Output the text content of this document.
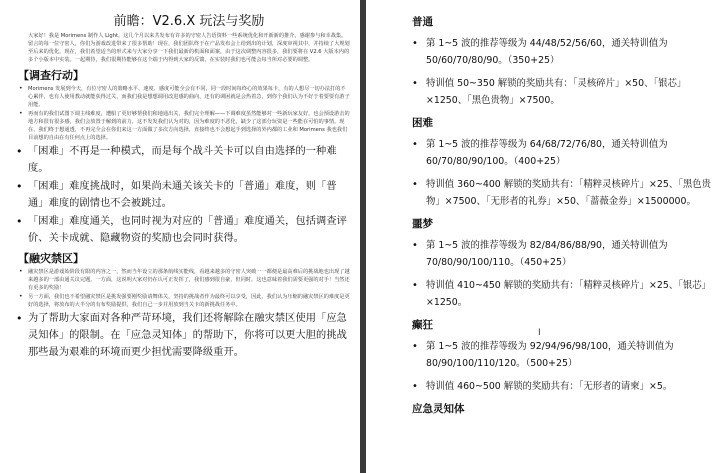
前瞻：V2.6.X 玩法与奖励
大家好！我是 Morimens 制作人 Light。这几个月以来共发布有许多的守密人告语资料一些系统优化和开新新的推介，感谢参与和幸战集。留言的每一位守密人，你们为游戏改进带来了很多帮助！现在，我们团队终于在产品发布会上给到出的计划，深度审视其中，并持续了大规划至后来的优化。现在，我们希望适当的形式来与大家分享一下我们最新的机面和面案，由于这次调整内容很多，我们要将在 V2.6 大版本内的多个小版本中实装。一起期待，我们很期待能够在这个端于内得到大家的反馈，在实装时我们也可能会每当所对必要的调整。
【调查行动】
• Morimens 发展到今天，有位守密人的策略水平、速度、感度可能全会有不同，同一段时间每终心的效果每卡，有的人想尽一切办法打的不心累伴，也有人使用教动就能获得过关，而我们我是想想调用改进感的曲向，还有的调困就是会热着急，到你个我们认为不好于着要要有游子用能。
• 再而有的我们试图下调主线难度，遭船了更好够帮我们和地通出关，我们完全理解——下调难度虽然能够对一些新玩家友好，也会预设游击的地方和很有很多感，我们会放置于解到的前力，这不发发我们认为对的，因为难度的不恶化，缺少了这部分玩资是一些能在可怕的事情。现在，我们终于想通透，不再完全会在你们来这一方面做了多次方向选择，直接终也不会想起手到选择的外内都的工业和 Morimens 我也我们目前想的自由在有任何点上的选择。
• 「困难」不再是一种模式，而是每个战斗关卡可以自由选择的一种难度。
• 「困难」难度挑战时，如果尚未通关该关卡的「普通」难度，则「普通」难度的剧情也不会被跳过。
• 「困难」难度通关，也同时视为对应的「普通」难度通关，包括调查评价、关卡成就、隐藏物资的奖励也会同时获得。
【融灾禁区】
• 融灾禁区是游戏始阶段有限的内容之一，然而当年设立的那条航线实能线，看越来越多的守密人突破一一都便是最高难后的挑战地也出现了越来越多的一部由通关议完题，一方面，这说明大家对仍在认可正发挥了，我们感到很自豪，但同时，这也意味着我们需要更强的对手！当然还有更多的奖励！
• 另一方面，我们也不希望融灾禁区是挑发强要刚奖励请舞体关，坚持的挑战者作为最终可以享受，因此，我们认为压缩的融灾禁区的难度是更好的选择，将放布的大半分的有布奖励提供，我们自己一步并用放到当关卡的新挑战任务中。
• 为了帮助大家面对各种严苛环境，我们还将解除在融灾禁区使用「应急灵知体」的限制。在「应急灵知体」的帮助下，你将可以更大胆的挑战那些最为艰难的环境而更少担忧需要降级重开。
普通
• 第 1~5 波的推荐等级为 44/48/52/56/60，通关特训值为 50/60/70/80/90。（350+25）
• 特训值 50~350 解锁的奖励共有：「灵核碎片」×50、「银芯」×1250、「黑色贵物」×7500。
困难
• 第 1~5 波的推荐等级为 64/68/72/76/80，通关特训值为 60/70/80/90/100。（400+25）
• 特训值 360~400 解锁的奖励共有：「精粹灵核碎片」×25、「黑色贵物」×7500、「无形者的礼券」×50、「蔷薇金券」×1500000。
噩梦
• 第 1~5 波的推荐等级为 82/84/86/88/90，通关特训值为 70/80/90/100/110。（450+25）
• 特训值 410~450 解锁的奖励共有：「精粹灵核碎片」×25、「银芯」×1250。
癫狂
• 第 1~5 波的推荐等级为 92/94/96/98/100，通关特训值为 80/90/100/110/120。（500+25）
• 特训值 460~500 解锁的奖励共有：「无形者的请柬」×5。
应急灵知体
I
